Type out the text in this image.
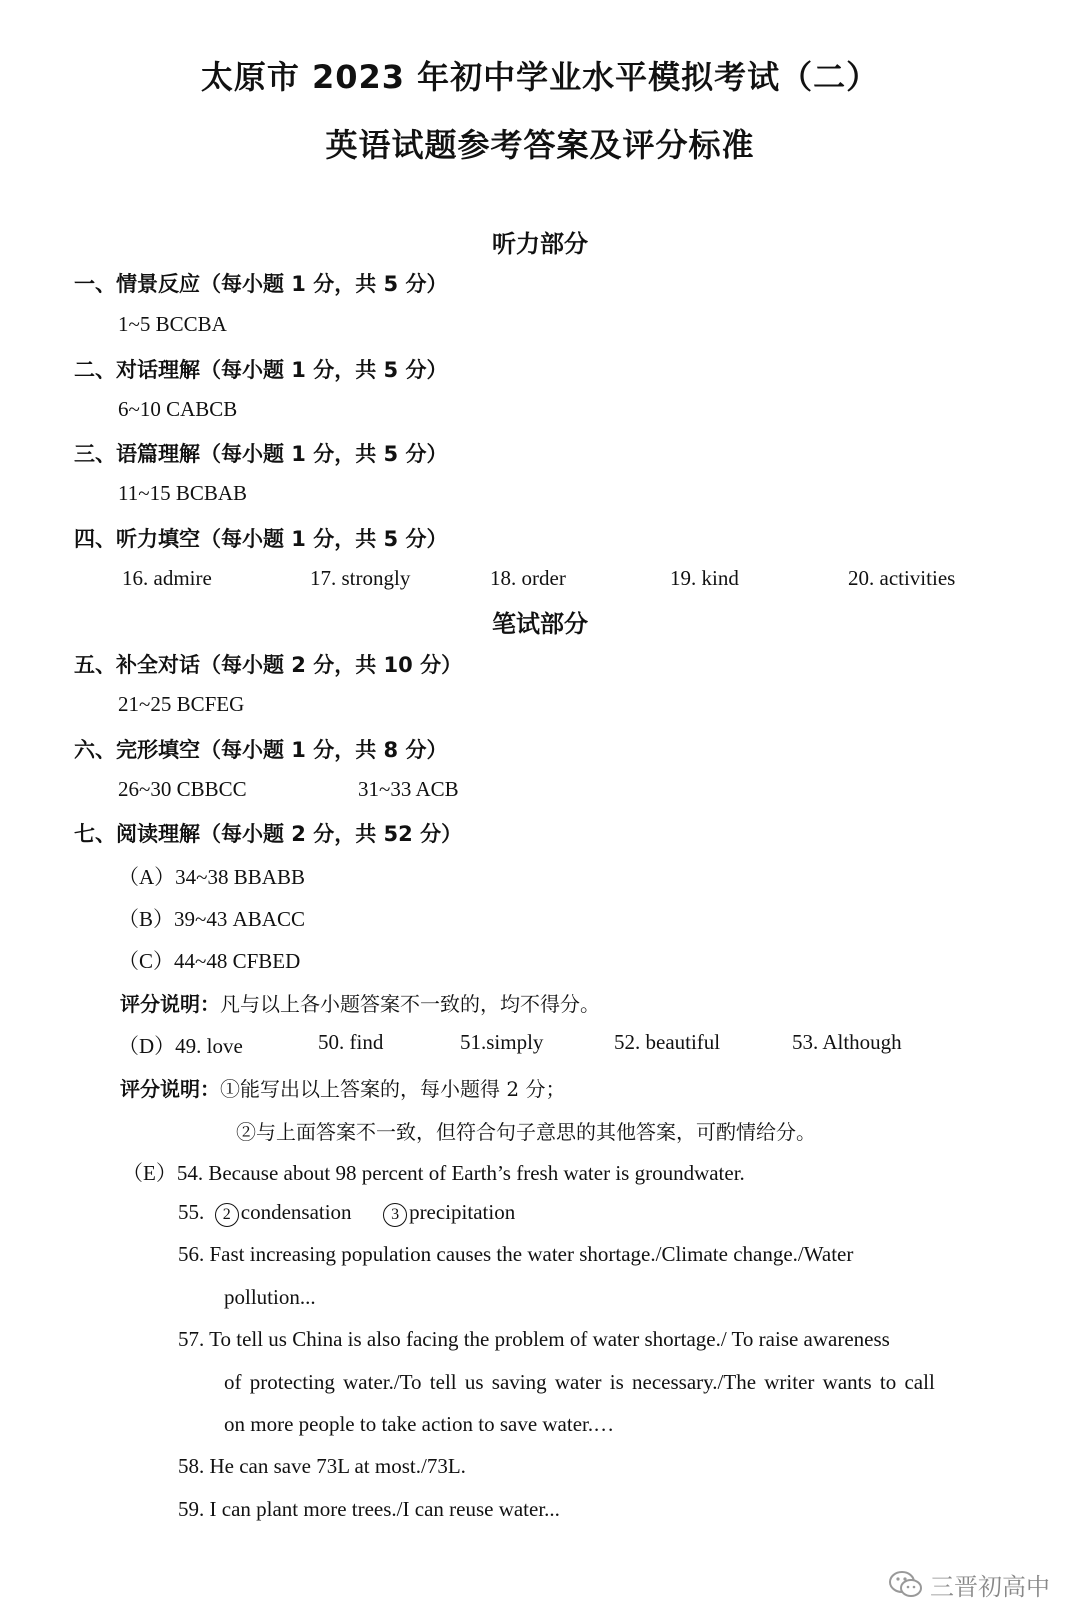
太原市 2023 年初中学业水平模拟考试（二）
英语试题参考答案及评分标准
听力部分
一、情景反应（每小题 1 分，共 5 分）
1~5 BCCBA
二、对话理解（每小题 1 分，共 5 分）
6~10 CABCB
三、语篇理解（每小题 1 分，共 5 分）
11~15 BCBAB
四、听力填空（每小题 1 分，共 5 分）
16. admire	17. strongly	18. order	19. kind	20. activities
笔试部分
五、补全对话（每小题 2 分，共 10 分）
21~25 BCFEG
六、完形填空（每小题 1 分，共 8 分）
26~30 CBBCC	31~33 ACB
七、阅读理解（每小题 2 分，共 52 分）
（A）34~38 BBABB
（B）39~43 ABACC
（C）44~48 CFBED
评分说明：凡与以上各小题答案不一致的，均不得分。
（D）49. love	50. find	51.simply	52. beautiful	53. Although
评分说明：①能写出以上答案的，每小题得 2 分；
②与上面答案不一致，但符合句子意思的其他答案，可酌情给分。
（E）54. Because about 98 percent of Earth’s fresh water is groundwater.
55. 2 condensation 3 precipitation
56. Fast increasing population causes the water shortage./Climate change./Water
pollution...
57. To tell us China is also facing the problem of water shortage./ To raise awareness
of protecting water./To tell us saving water is necessary./The writer wants to call
on more people to take action to save water.…
58. He can save 73L at most./73L.
59. I can plant more trees./I can reuse water...
三晋初高中
